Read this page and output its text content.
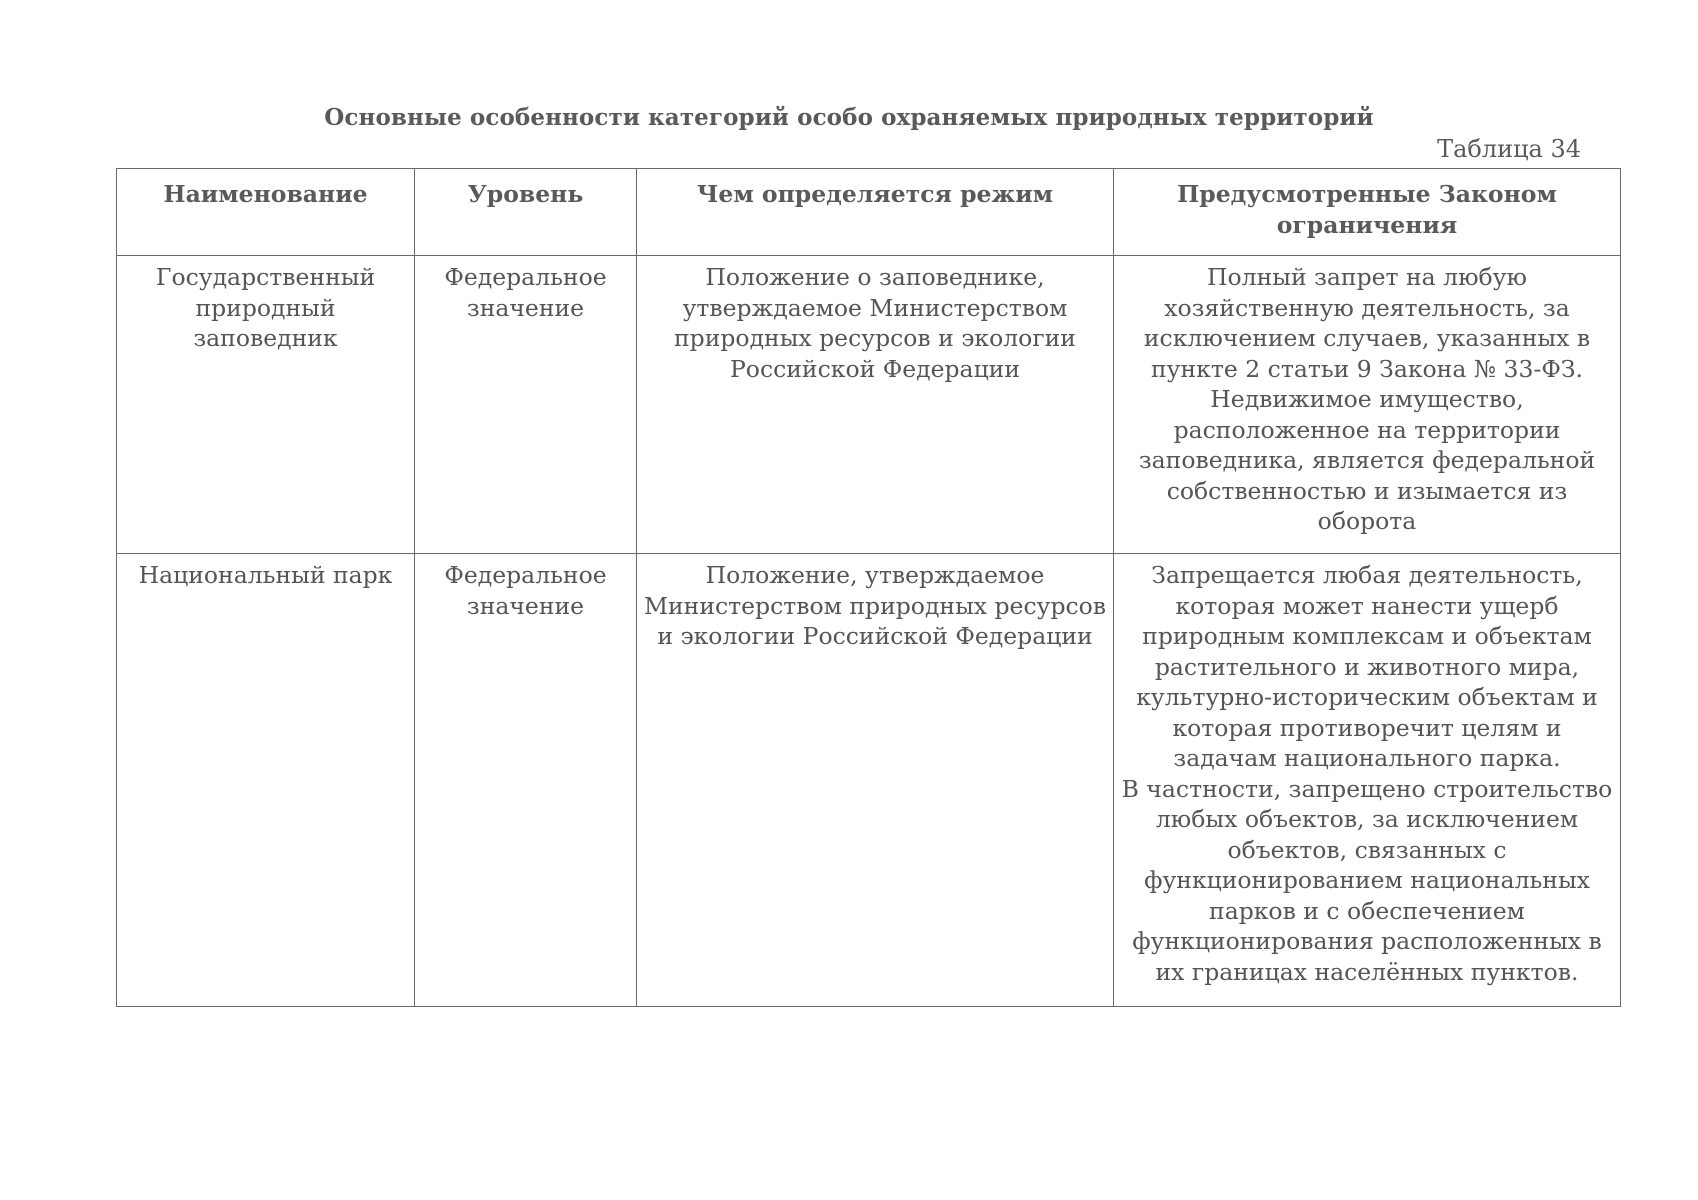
Основные особенности категорий особо охраняемых природных территорий
Таблица 34
Наименование	Уровень	Чем определяется режим	Предусмотренные Законом ограничения
Государственный природный заповедник	Федеральное значение	Положение о заповеднике, утверждаемое Министерством природных ресурсов и экологии Российской Федерации	Полный запрет на любую хозяйственную деятельность, за исключением случаев, указанных в пункте 2 статьи 9 Закона № 33-ФЗ.
Недвижимое имущество, расположенное на территории заповедника, является федеральной собственностью и изымается из оборота

Национальный парк	Федеральное значение	Положение, утверждаемое Министерством природных ресурсов и экологии Российской Федерации	Запрещается любая деятельность, которая может нанести ущерб природным комплексам и объектам растительного и животного мира, культурно-историческим объектам и которая противоречит целям и задачам национального парка.
В частности, запрещено строительство любых объектов, за исключением объектов, связанных с функционированием национальных парков и с обеспечением функционирования расположенных в их границах населённых пунктов.
